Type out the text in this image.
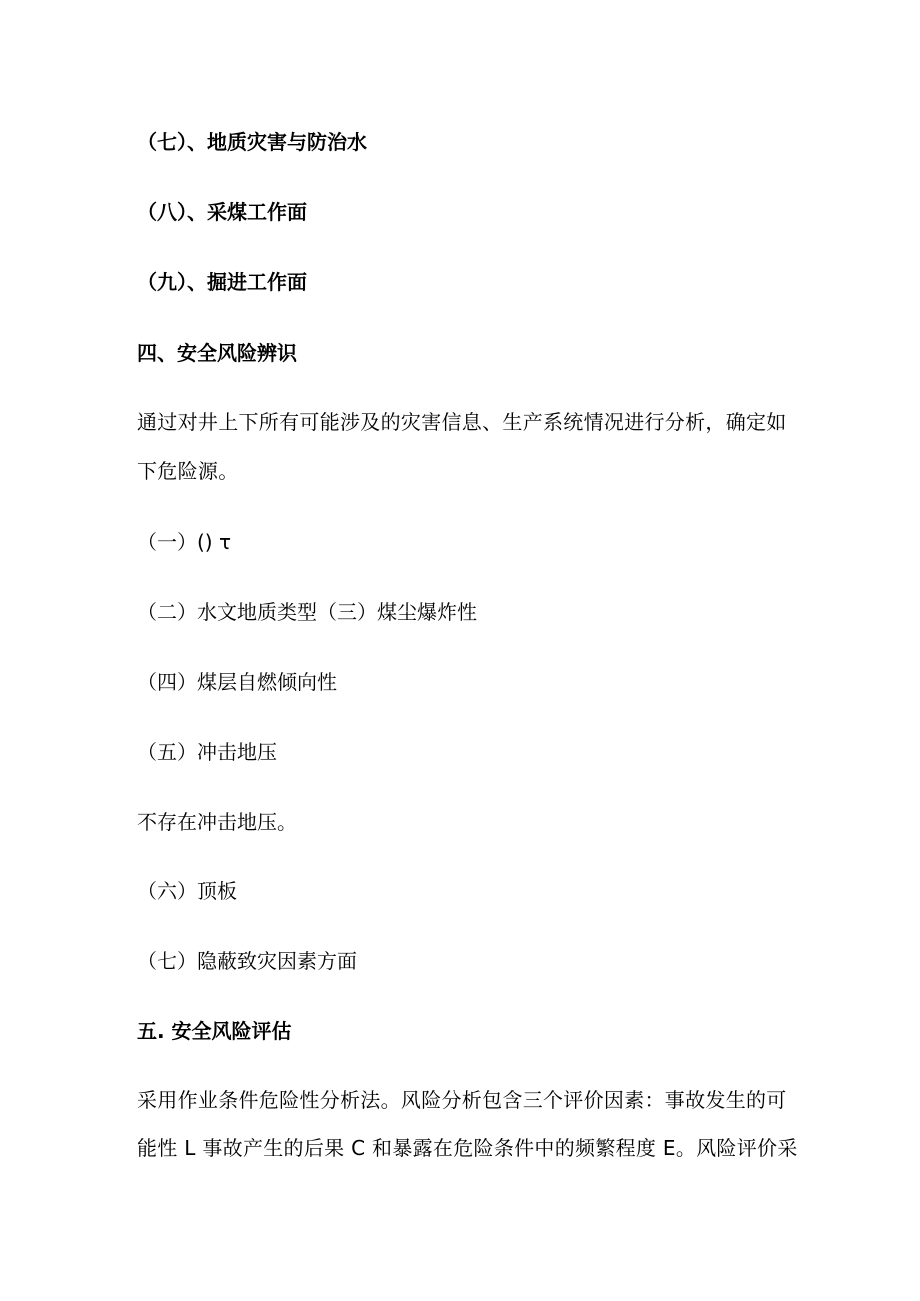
（七）、地质灾害与防治水

（八）、采煤工作面

（九）、掘进工作面

四、安全风险辨识

通过对井上下所有可能涉及的灾害信息、生产系统情况进行分析，确定如

下危险源。

（一）() τ

（二）水文地质类型（三）煤尘爆炸性

（四）煤层自燃倾向性

（五）冲击地压

不存在冲击地压。

（六）顶板

（七）隐蔽致灾因素方面

五. 安全风险评估

采用作业条件危险性分析法。风险分析包含三个评价因素：事故发生的可

能性 L 事故产生的后果 C 和暴露在危险条件中的频繁程度 E。风险评价采
